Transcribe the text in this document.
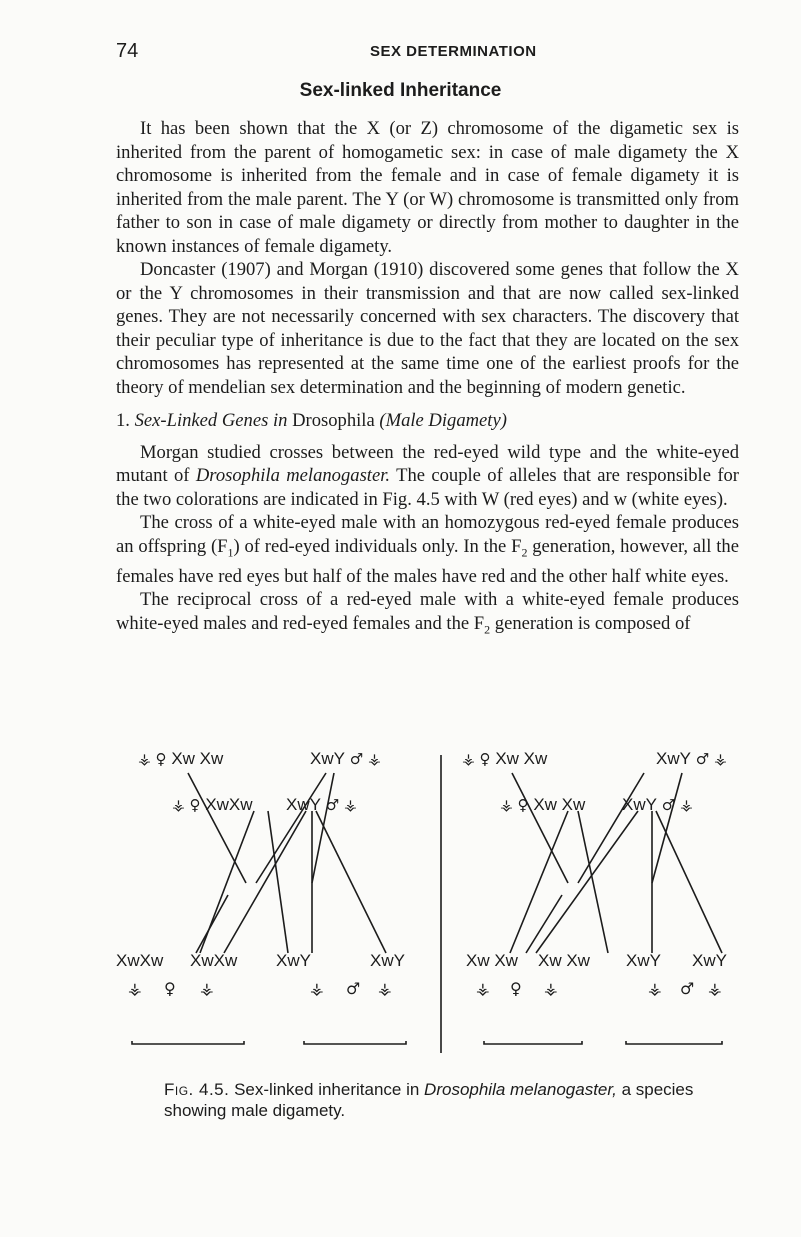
74	SEX DETERMINATION
Sex-linked Inheritance

It has been shown that the X (or Z) chromosome of the digametic sex is inherited from the parent of homogametic sex: in case of male digamety the X chromosome is inherited from the female and in case of female digamety it is inherited from the male parent. The Y (or W) chromosome is transmitted only from father to son in case of male digamety or directly from mother to daughter in the known instances of female digamety.

Doncaster (1907) and Morgan (1910) discovered some genes that follow the X or the Y chromosomes in their transmission and that are now called sex-linked genes. They are not necessarily concerned with sex characters. The discovery that their peculiar type of inheritance is due to the fact that they are located on the sex chromosomes has represented at the same time one of the earliest proofs for the theory of mendelian sex determination and the beginning of modern genetic.

1. Sex-Linked Genes in Drosophila (Male Digamety)

Morgan studied crosses between the red-eyed wild type and the white-eyed mutant of Drosophila melanogaster. The couple of alleles that are responsible for the two colorations are indicated in Fig. 4.5 with W (red eyes) and w (white eyes).

The cross of a white-eyed male with an homozygous red-eyed female produces an offspring $(F_1)$ of red-eyed individuals only. In the $F_2$ generation, however, all the females have red eyes but half of the males have red and the other half white eyes.

The reciprocal cross of a red-eyed male with a white-eyed female produces white-eyed males and red-eyed females and the $F_2$ generation is composed of

⚶ ♀ Xw Xw	XwY ♂ ⚶
⚶ ♀ XwXw XwY ♂ ⚶
XwXw XwXw XwY	XwY
⚶ ♀ ⚶	⚶ ♂ ⚶
⚶ ♀ Xw Xw	XwY ♂ ⚶
⚶ ♀ Xw Xw XwY ♂ ⚶
Xw Xw Xw Xw XwY XwY
⚶ ♀ ⚶	⚶ ♂ ⚶
Fig. 4.5. Sex-linked inheritance in Drosophila melanogaster, a species showing male digamety.
